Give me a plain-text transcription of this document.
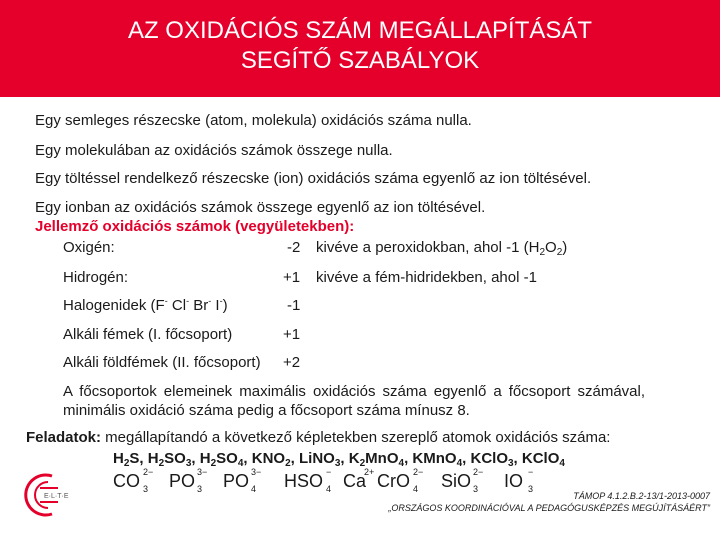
AZ OXIDÁCIÓS SZÁM MEGÁLLAPÍTÁSÁT
SEGÍTŐ SZABÁLYOK
Egy semleges részecske (atom, molekula) oxidációs száma nulla.
Egy molekulában az oxidációs számok összege nulla.
Egy töltéssel rendelkező részecske (ion) oxidációs száma egyenlő az ion töltésével.
Egy ionban az oxidációs számok összege egyenlő az ion töltésével.
Jellemző oxidációs számok (vegyületekben):
Oxigén:	-2 kivéve a peroxidokban, ahol -1 $(H_2O_2)$
Hidrogén:	+1 kivéve a fém-hidridekben, ahol -1
Halogenidek (F- Cl- Br- I-)	-1
Alkáli fémek (I. főcsoport)	+1
Alkáli földfémek (II. főcsoport) +2
A főcsoportok elemeinek maximális oxidációs száma egyenlő a főcsoport számával, minimális oxidáció száma pedig a főcsoport száma mínusz 8.
Feladatok: megállapítandó a következő képletekben szereplő atomok oxidációs száma:
$H_2S$, $H_2SO_3$, $H_2SO_4$, $KNO_2$, LiNO$_3$, $K_2MnO_4$, KMnO$_4$, KClO$_3$, KClO$_4$
CO 2−
3 PO 3−
3 PO 3−
4 HSO −
4 Ca
2+ CrO 2−
4 SiO 2−
3 IO −
3
E·L·T·E	TÁMOP 4.1.2.B.2-13/1-2013-0007
„ORSZÁGOS KOORDINÁCIÓVAL A PEDAGÓGUSKÉPZÉS MEGÚJÍTÁSÁÉRT”
